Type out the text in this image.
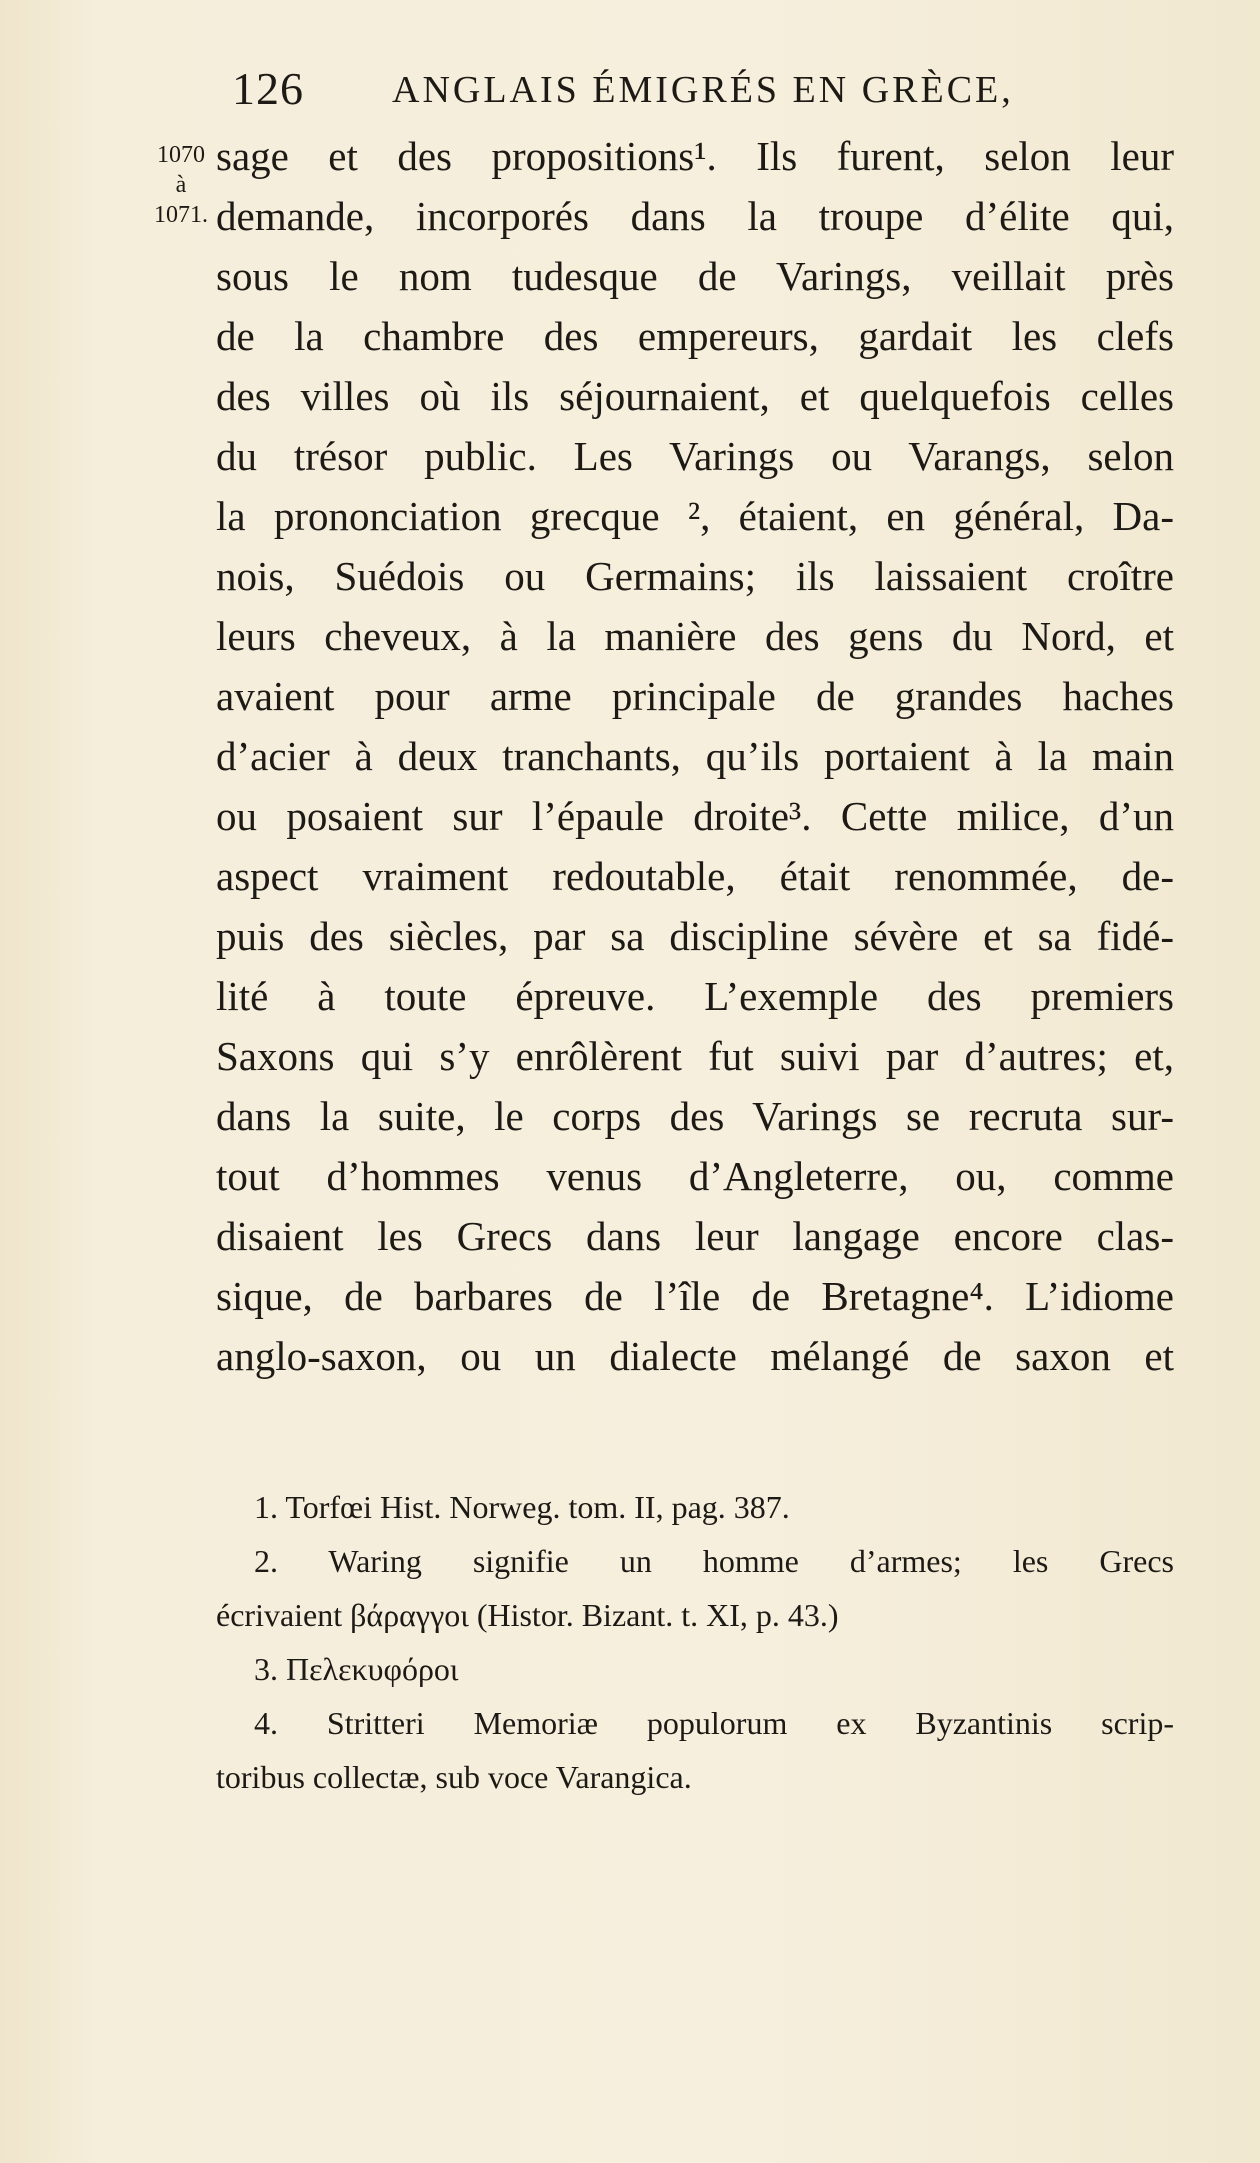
126 ANGLAIS ÉMIGRÉS EN GRÈCE,
1070
à
1071.
sage et des propositions¹. Ils furent, selon leur
demande, incorporés dans la troupe d’élite qui,
sous le nom tudesque de Varings, veillait près
de la chambre des empereurs, gardait les clefs
des villes où ils séjournaient, et quelquefois celles
du trésor public. Les Varings ou Varangs, selon
la prononciation grecque ², étaient, en général, Da-
nois, Suédois ou Germains; ils laissaient croître
leurs cheveux, à la manière des gens du Nord, et
avaient pour arme principale de grandes haches
d’acier à deux tranchants, qu’ils portaient à la main
ou posaient sur l’épaule droite³. Cette milice, d’un
aspect vraiment redoutable, était renommée, de-
puis des siècles, par sa discipline sévère et sa fidé-
lité à toute épreuve. L’exemple des premiers
Saxons qui s’y enrôlèrent fut suivi par d’autres; et,
dans la suite, le corps des Varings se recruta sur-
tout d’hommes venus d’Angleterre, ou, comme
disaient les Grecs dans leur langage encore clas-
sique, de barbares de l’île de Bretagne⁴. L’idiome
anglo-saxon, ou un dialecte mélangé de saxon et
1. Torfœi Hist. Norweg. tom. II, pag. 387.
2. Waring signifie un homme d’armes; les Grecs
écrivaient βάραγγοι (Histor. Bizant. t. XI, p. 43.)
3. Πελεκυφόροι
4. Stritteri Memoriæ populorum ex Byzantinis scrip-
toribus collectæ, sub voce Varangica.
